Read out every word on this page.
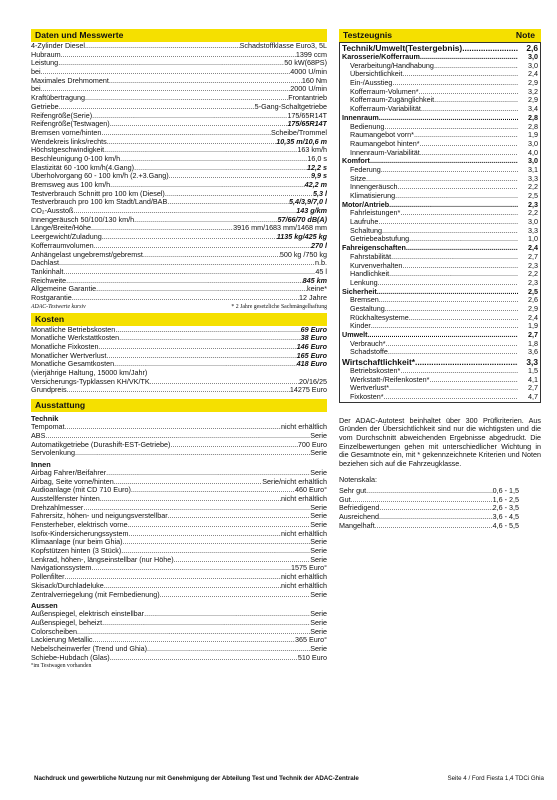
Daten und Messwerte
4-Zylinder Diesel .....	Schadstoffklasse Euro3, 5L
Hubraum .....	1399 ccm
Leistung .....	50 kW(68PS)
bei .....	4000 U/min
Maximales Drehmoment .....	160 Nm
bei .....	2000 U/min
Kraftübertragung .....	Frontantrieb
Getriebe .....	5-Gang-Schaltgetriebe
Reifengröße(Serie) .....	175/65R14T
Reifengröße(Testwagen) .....	175/65R14T
Bremsen vorne/hinten .....	Scheibe/Trommel
Wendekreis links/rechts .....	10,35 m/10,6 m
Höchstgeschwindigkeit .....	163 km/h
Beschleunigung 0-100 km/h .....	16,0 s
Elastizität 60 -100 km/h(4.Gang) .....	12,2 s
Überholvorgang 60 - 100 km/h (2.+3.Gang) .....	9,9 s
Bremsweg aus 100 km/h .....	42,2 m
Testverbrauch Schnitt pro 100 km (Diesel) .....	5,3 l
Testverbrauch pro 100 km Stadt/Land/BAB .....	5,4/3,9/7,0 l
CO₂-Ausstoß .....	143 g/km
Innengeräusch 50/100/130 km/h .....	57/66/70 dB(A)
Länge/Breite/Höhe .....	3916 mm/1683 mm/1468 mm
Leergewicht/Zuladung .....	1135 kg/425 kg
Kofferraumvolumen .....	270 l
Anhängelast ungebremst/gebremst .....	500 kg /750 kg
Dachlast .....	n.b.
Tankinhalt .....	45 l
Reichweite .....	845 km
Allgemeine Garantie .....	keine*
Rostgarantie .....	12 Jahre
ADAC-Testwerte kursiv	* 2 Jahre gesetzliche Sachmängelhaftung
Kosten
Monatliche Betriebskosten .....	69 Euro
Monatliche Werkstattkosten .....	38 Euro
Monatliche Fixkosten .....	146 Euro
Monatlicher Wertverlust .....	165 Euro
Monatliche Gesamtkosten .....	418 Euro
(vierjährige Haltung, 15000 km/Jahr)
Versicherungs-Typklassen KH/VK/TK .....	20/16/25
Grundpreis .....	14275 Euro
Ausstattung
Technik
Tempomat .....	nicht erhältlich
ABS .....	Serie
Automatikgetriebe (Durashift-EST-Getriebe) .....	700 Euro
Servolenkung .....	Serie
Innen
Airbag Fahrer/Beifahrer .....	Serie
Airbag, Seite vorne/hinten .....	Serie/nicht erhältlich
Audioanlage (mit CD 710 Euro) .....	460 Euro°
Ausstellfenster hinten .....	nicht erhältlich
Drehzahlmesser .....	Serie
Fahrersitz, höhen- und neigungsverstellbar .....	Serie
Fensterheber, elektrisch vorne .....	Serie
Isofix-Kindersicherungssystem .....	nicht erhältlich
Klimaanlage (nur beim Ghia) .....	Serie
Kopfstützen hinten (3 Stück) .....	Serie
Lenkrad, höhen-, längseinstellbar (nur Höhe) .....	Serie
Navigationssystem .....	1575 Euro°
Pollenfilter .....	nicht erhältlich
Skisack/Durchladeluke .....	nicht erhältlich
Zentralverriegelung (mit Fernbedienung) .....	Serie
Aussen
Außenspiegel, elektrisch einstellbar .....	Serie
Außenspiegel, beheizt .....	Serie
Colorscheiben .....	Serie
Lackierung Metallic .....	365 Euro°
Nebelscheinwerfer (Trend und Ghia) .....	Serie
Schiebe-Hubdach (Glas) .....	510 Euro
°im Testwagen vorhanden
Testzeugnis	Note
Technik/Umwelt(Testergebnis) .....	2,6
Karosserie/Kofferraum .....	3,0
Verarbeitung/Handhabung .....	3,0
Übersichtlichkeit .....	2,4
Ein-/Ausstieg .....	2,9
Kofferraum-Volumen* .....	3,2
Kofferraum-Zugänglichkeit .....	2,9
Kofferraum-Variabilität .....	3,4
Innenraum .....	2,8
Bedienung .....	2,8
Raumangebot vorn* .....	1,9
Raumangebot hinten* .....	3,0
Innenraum-Variabilität .....	4,0
Komfort .....	3,0
Federung .....	3,1
Sitze .....	3,3
Innengeräusch .....	2,2
Klimatisierung .....	2,5
Motor/Antrieb .....	2,3
Fahrleistungen* .....	2,2
Laufruhe .....	3,0
Schaltung .....	3,3
Getriebeabstufung .....	1,0
Fahreigenschaften .....	2,4
Fahrstabilität .....	2,7
Kurvenverhalten .....	2,3
Handlichkeit .....	2,2
Lenkung .....	2,3
Sicherheit .....	2,5
Bremsen .....	2,6
Gestaltung .....	2,9
Rückhaltesysteme .....	2,4
Kinder .....	1,9
Umwelt .....	2,7
Verbrauch* .....	1,8
Schadstoffe .....	3,6
Wirtschaftlichkeit* .....	3,3
Betriebskosten* .....	1,5
Werkstatt-/Reifenkosten* .....	4,1
Wertverlust* .....	2,7
Fixkosten* .....	4,7
Der ADAC-Autotest beinhaltet über 300 Prüfkriterien. Aus Gründen der Übersichtlichkeit sind nur die wichtigsten und die vom Durchschnitt abweichenden Ergebnisse abgedruckt. Die Einzelbewertungen gehen mit unterschiedlicher Wichtung in die Gesamtnote ein, mit * gekennzeichnete Kriterien und Noten beziehen sich auf die Fahrzeugklasse.
Notenskala:
Sehr gut .....	0,6 - 1,5
Gut .....	1,6 - 2,5
Befriedigend .....	2,6 - 3,5
Ausreichend .....	3,6 - 4,5
Mangelhaft .....	4,6 - 5,5
Nachdruck und gewerbliche Nutzung nur mit Genehmigung der Abteilung Test und Technik der ADAC-Zentrale	Seite 4 / Ford Fiesta 1,4 TDCi Ghia
